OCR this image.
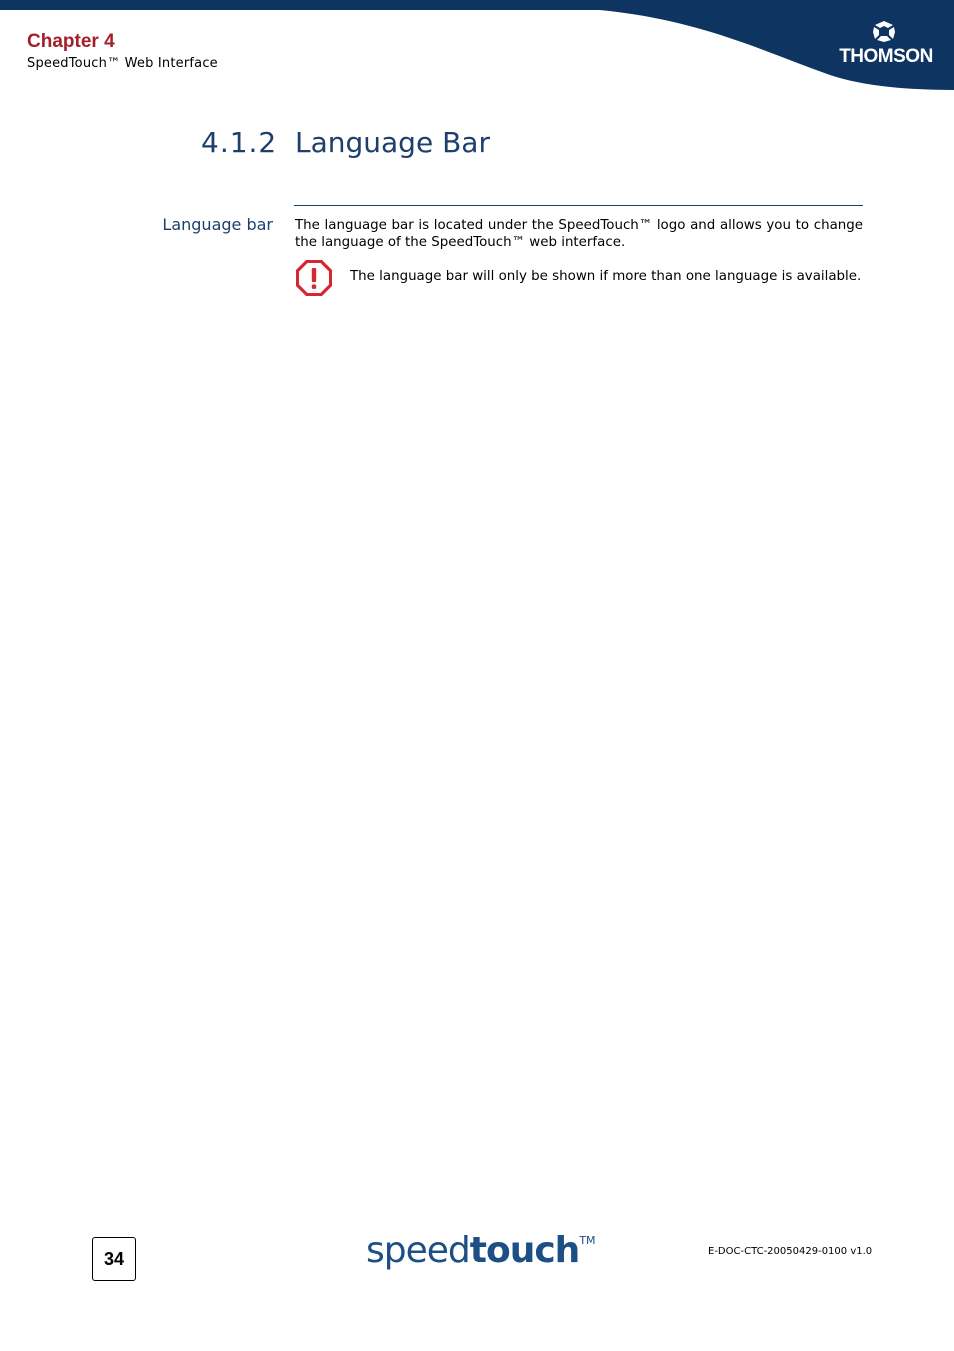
Chapter 4
SpeedTouch™ Web Interface	THOMSON
4.1.2 Language Bar
Language bar The language bar is located under the SpeedTouch™ logo and allows you to change the language of the SpeedTouch™ web interface.
The language bar will only be shown if more than one language is available.
34	speedtouch™
E-DOC-CTC-20050429-0100 v1.0
